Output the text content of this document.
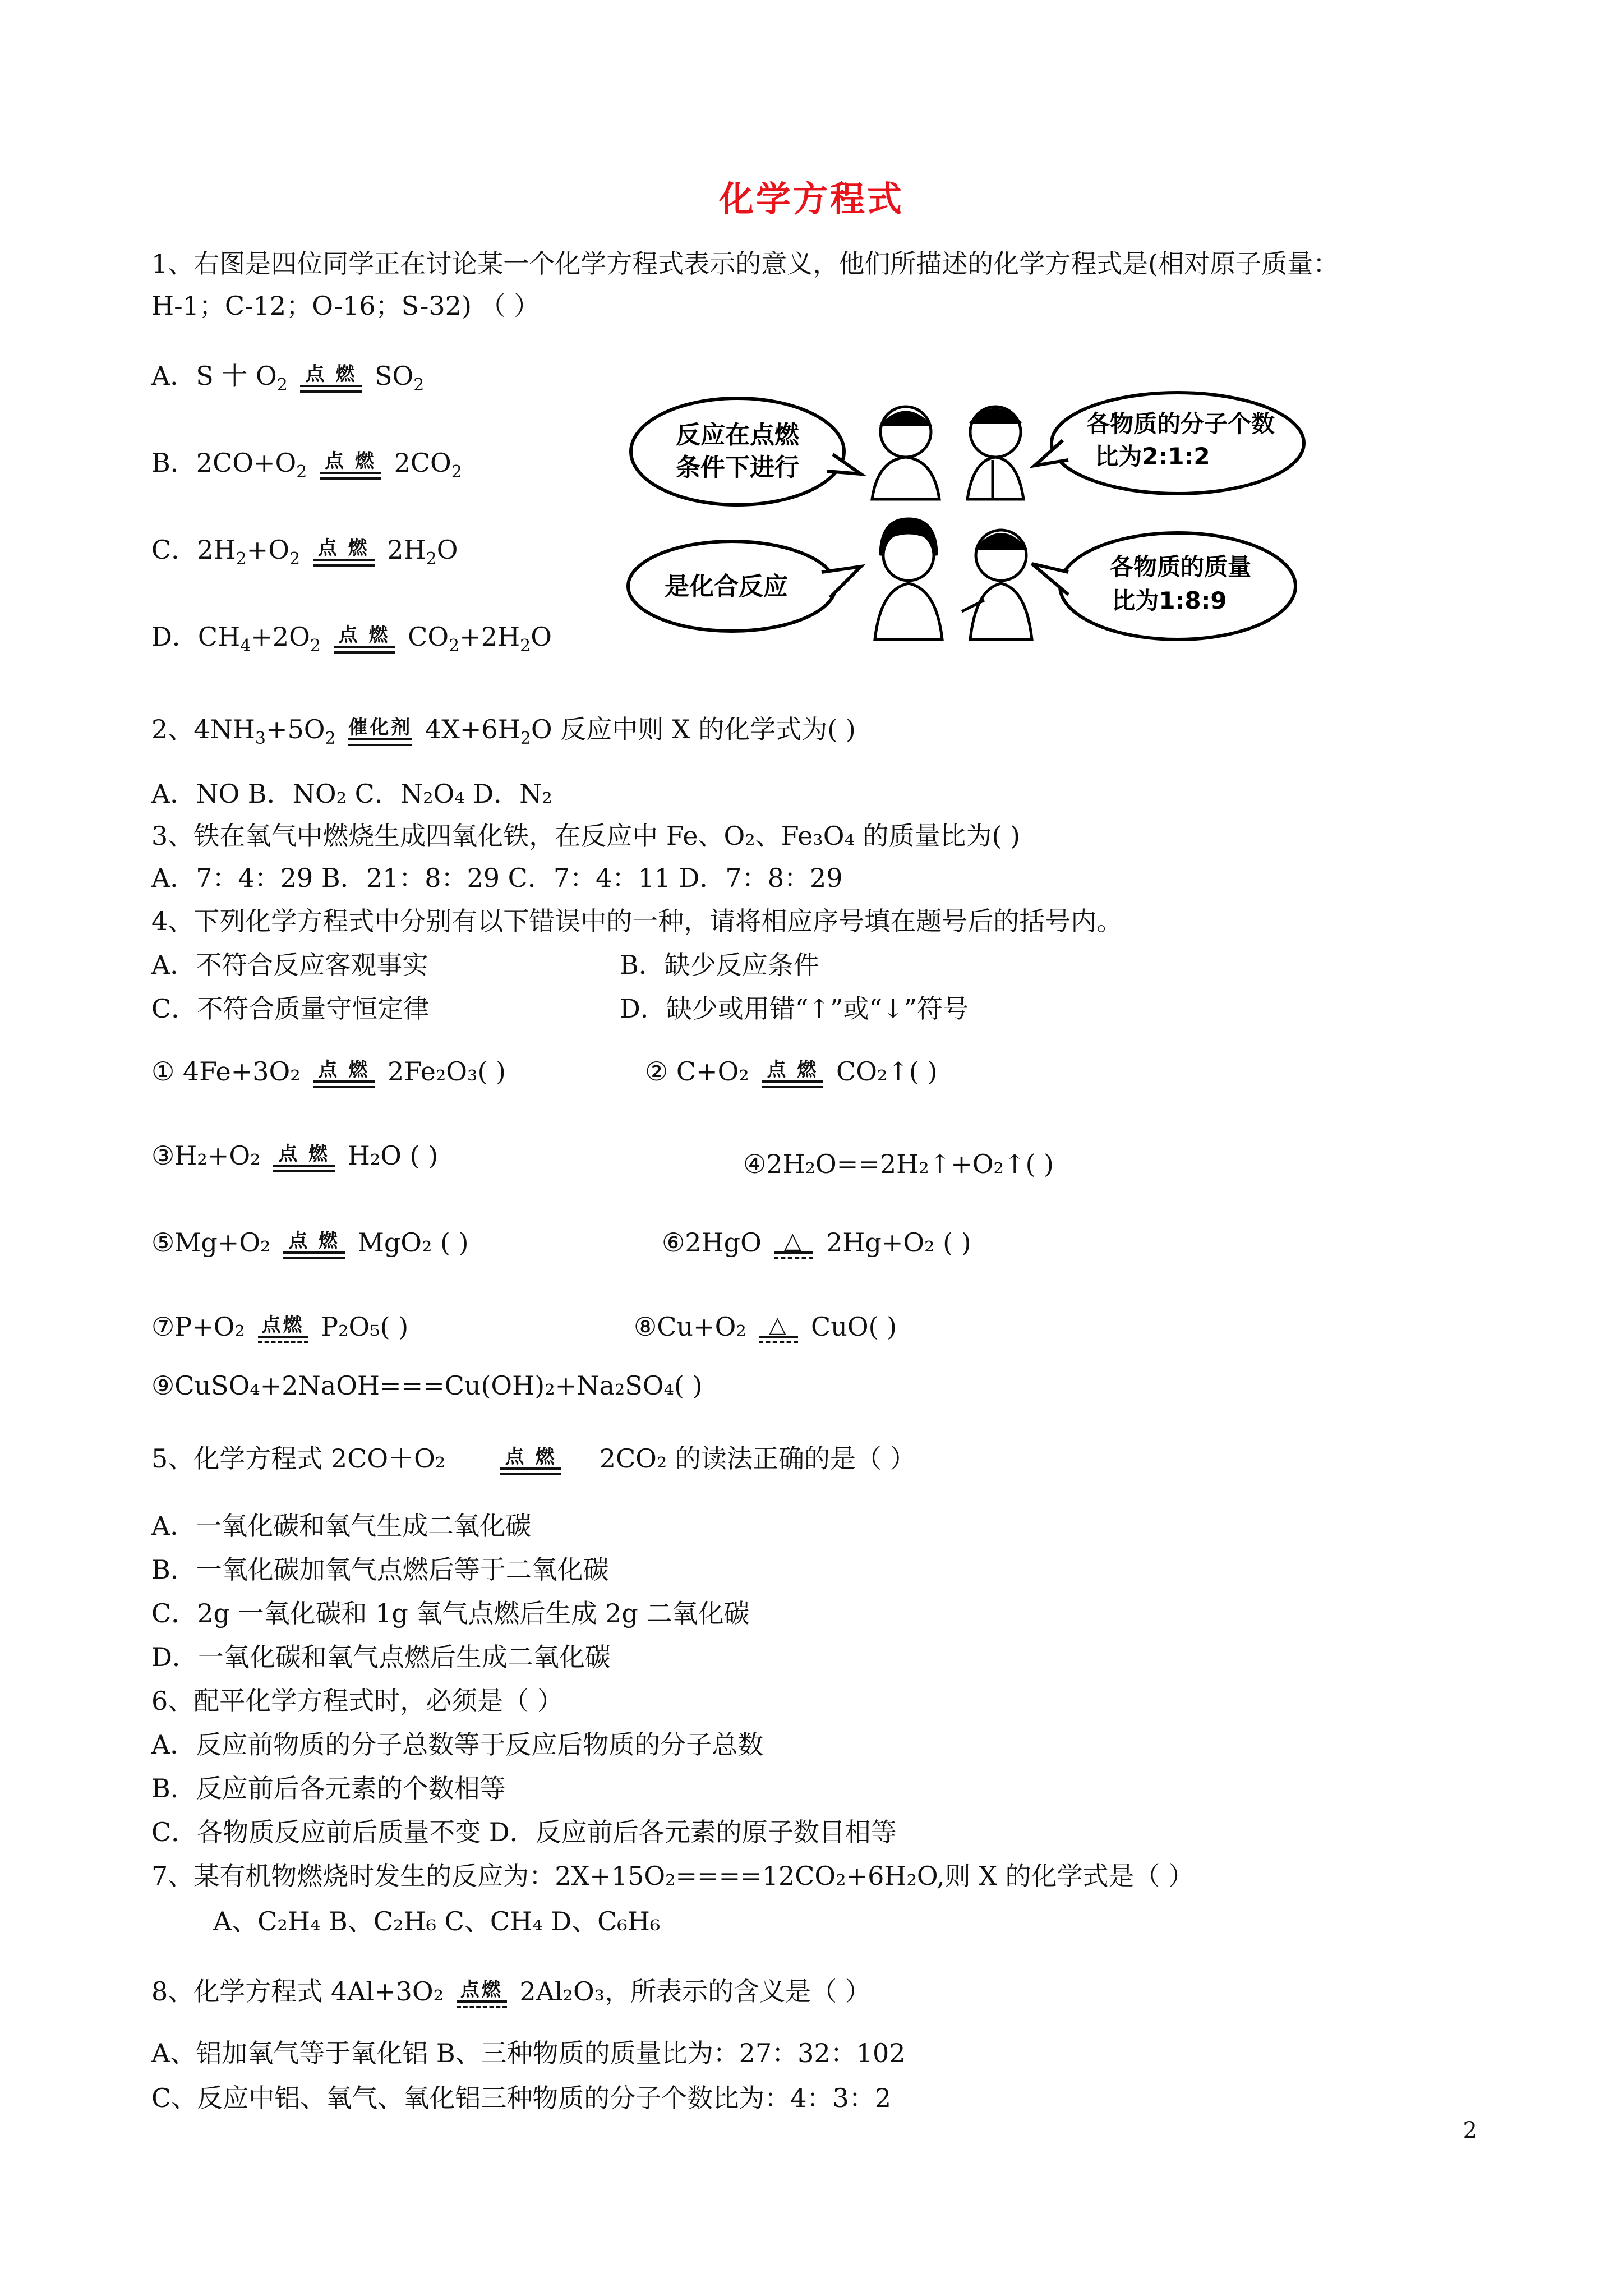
化学方程式
1、右图是四位同学正在讨论某一个化学方程式表示的意义，他们所描述的化学方程式是(相对原子质量：
H-1；C-12；O-16；S-32) （ ）
A．S 十 $O_2$ 点 燃 $SO_2$
B．$2CO+O_2$ 点 燃 $2CO_2$
C．$2H_2+O_2$ 点 燃 $2H_2O$
D．$CH_4+2O_2$ 点 燃 $CO_2+2H_2O$
反应在点燃
条件下进行
各物质的分子个数
比为2:1:2
是化合反应
各物质的质量
比为1:8:9
2、$4NH_3+5O_2$ 催化剂 $4X+6H_2O$ 反应中则 X 的化学式为( )
A．NO B．NO₂ C．N₂O₄ D．N₂
3、铁在氧气中燃烧生成四氧化铁，在反应中 Fe、O₂、Fe₃O₄ 的质量比为( )
A．7：4：29 B．21：8：29 C．7：4：11 D．7：8：29
4、下列化学方程式中分别有以下错误中的一种，请将相应序号填在题号后的括号内。
A．不符合反应客观事实	B．缺少反应条件
C．不符合质量守恒定律	D．缺少或用错“↑”或“↓”符号
① 4Fe+3O₂ 点 燃 2Fe₂O₃( )	② C+O₂ 点 燃 CO₂↑( )
③H₂+O₂ 点 燃 H₂O ( )	④2H₂O==2H₂↑+O₂↑( )
⑤Mg+O₂ 点 燃 MgO₂ ( )	⑥2HgO	△ 2Hg+O₂ ( )
⑦P+O₂ 点燃 P₂O₅( )	⑧Cu+O₂	△ CuO( )
⑨CuSO₄+2NaOH===Cu(OH)₂+Na₂SO₄( )
5、化学方程式 2CO＋O₂	点 燃 2CO₂ 的读法正确的是（ ）
A．一氧化碳和氧气生成二氧化碳
B．一氧化碳加氧气点燃后等于二氧化碳
C．2g 一氧化碳和 1g 氧气点燃后生成 2g 二氧化碳
D．一氧化碳和氧气点燃后生成二氧化碳
6、配平化学方程式时，必须是（ ）
A．反应前物质的分子总数等于反应后物质的分子总数
B．反应前后各元素的个数相等
C．各物质反应前后质量不变 D．反应前后各元素的原子数目相等
7、某有机物燃烧时发生的反应为：2X+15O₂====12CO₂+6H₂O,则 X 的化学式是（ ）
A、C₂H₄ B、C₂H₆ C、CH₄ D、C₆H₆
8、化学方程式 4Al+3O₂ 点燃 2Al₂O₃，所表示的含义是（ ）
A、铝加氧气等于氧化铝 B、三种物质的质量比为：27：32：102
C、反应中铝、氧气、氧化铝三种物质的分子个数比为：4：3：2
2
